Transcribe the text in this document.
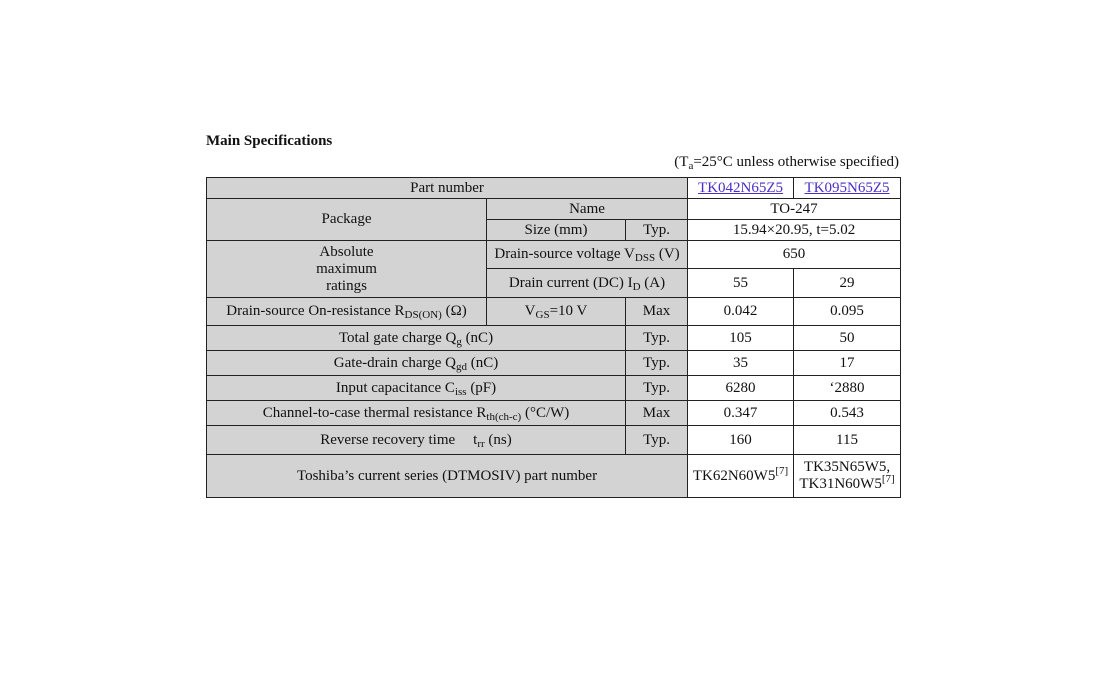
Main Specifications
($T_a=25^\circ C$ unless otherwise specified)
Part number			TK042N65Z5	TK095N65Z5
Package	Name		TO-247	
	Size (mm)	Typ.	15.94×20.95, t=5.02	

Absolute maximum ratings	Drain-source voltage $V_{DSS}$ (V)		650	
	Drain current (DC) $I_D$ (A)		55	29
Drain-source On-resistance $R_{DS(ON)}$ (Ω)	$V_{GS}=10$ V	Max	0.042	0.095
Total gate charge $Q_g$ (nC)		Typ.	105	50
Gate-drain charge $Q_{gd}$ (nC)		Typ.	35	17
Input capacitance $C_{iss}$ (pF)		Typ.	6280	‘2880
Channel-to-case thermal resistance $R_{th(ch-c)}$ (°C/W)		Max	0.347	0.543
Reverse recovery time $t_{rr}$ (ns)		Typ.	160	115
Toshiba’s current series (DTMOSIV) part number			TK62N60W5[7]	TK35N65W5,
TK31N60W5[7]
